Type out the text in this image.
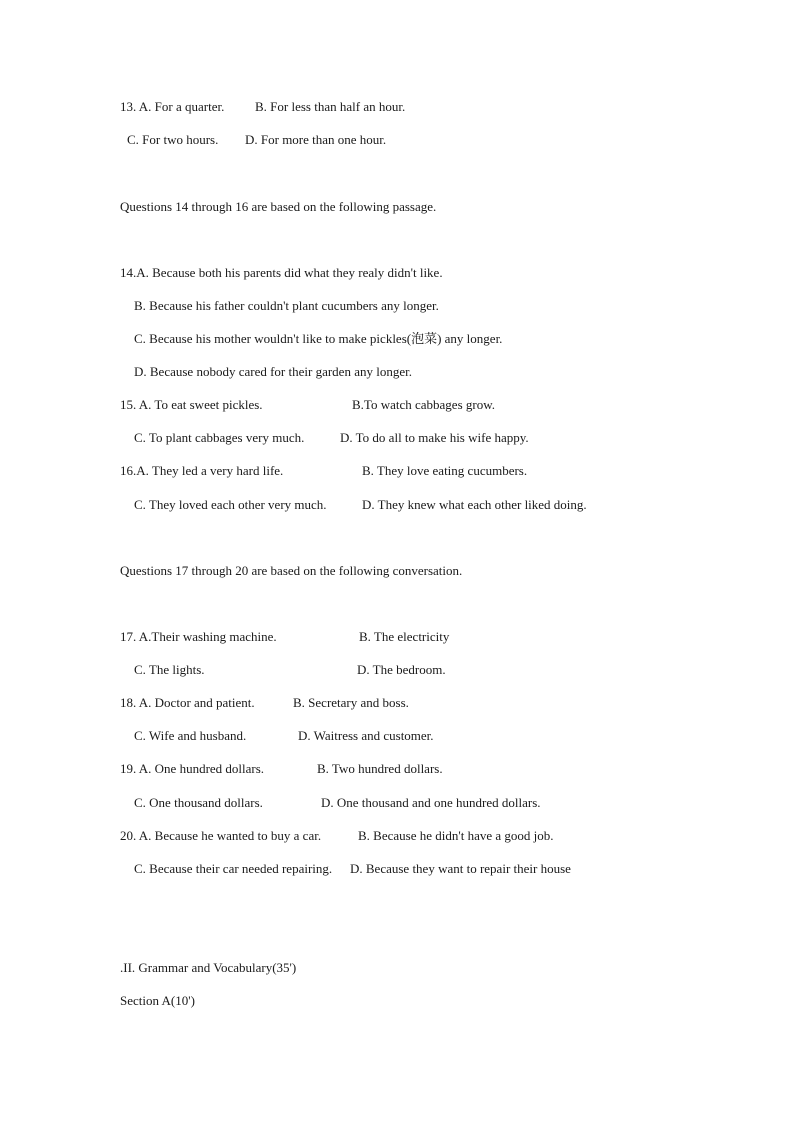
13. A. For a quarter. B. For less than half an hour.
C. For two hours. D. For more than one hour.
Questions 14 through 16 are based on the following passage.
14.A. Because both his parents did what they realy didn't like.
B. Because his father couldn't plant cucumbers any longer.
C. Because his mother wouldn't like to make pickles(泡菜) any longer.
D. Because nobody cared for their garden any longer.
15. A. To eat sweet pickles.	B.To watch cabbages grow.
C. To plant cabbages very much.	D. To do all to make his wife happy.
16.A. They led a very hard life.	B. They love eating cucumbers.
C. They loved each other very much.	D. They knew what each other liked doing.
Questions 17 through 20 are based on the following conversation.
17. A.Their washing machine.	B. The electricity
C. The lights.	D. The bedroom.
18. A. Doctor and patient.	B. Secretary and boss.
C. Wife and husband.	D. Waitress and customer.
19. A. One hundred dollars.	B. Two hundred dollars.
C. One thousand dollars.	D. One thousand and one hundred dollars.
20. A. Because he wanted to buy a car.	B. Because he didn't have a good job.
C. Because their car needed repairing. D. Because they want to repair their house
.II. Grammar and Vocabulary(35')
Section A(10')
